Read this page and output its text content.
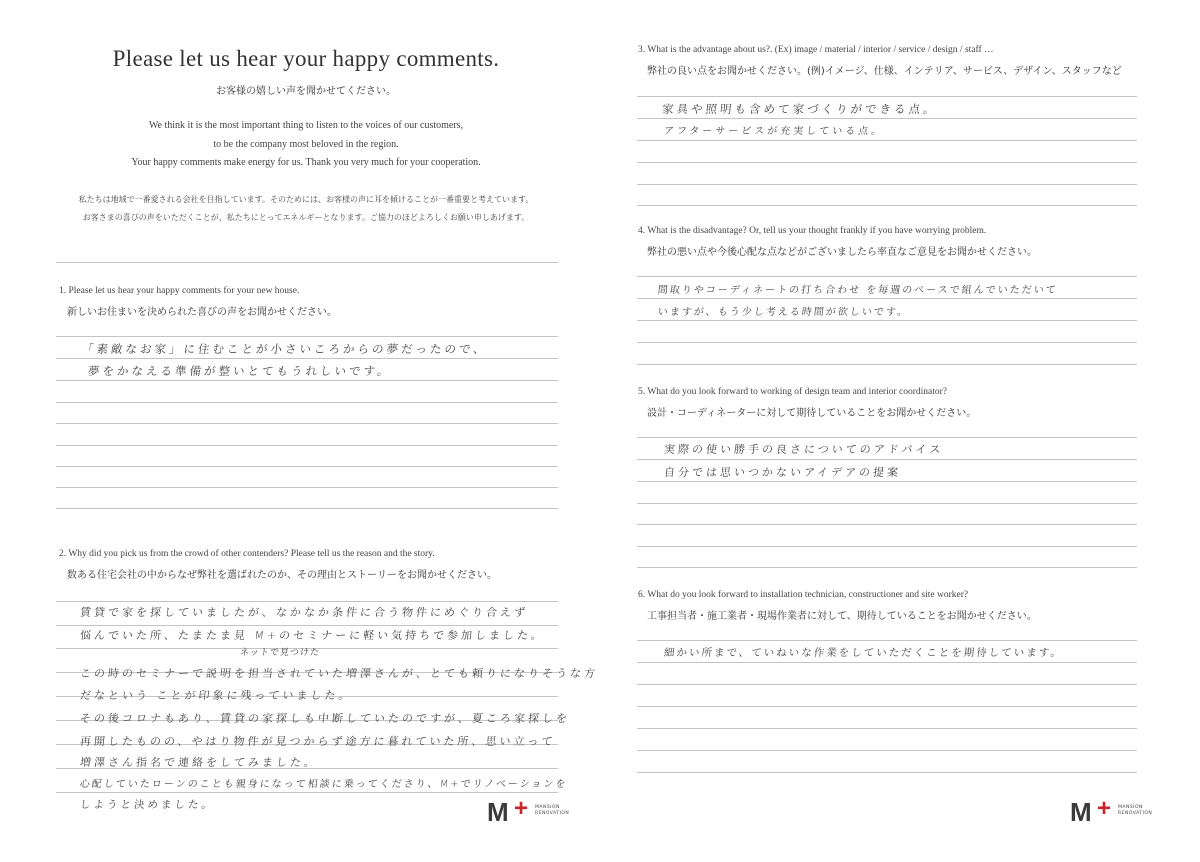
Please let us hear your happy comments.
お客様の嬉しい声を聞かせてください。
We think it is the most important thing to listen to the voices of our customers,
to be the company most beloved in the region.
Your happy comments make energy for us. Thank you very much for your cooperation.
私たちは地域で一番愛される会社を目指しています。そのためには、お客様の声に耳を傾けることが一番重要と考えています。
お客さまの喜びの声をいただくことが、私たちにとってエネルギーとなります。ご協力のほどよろしくお願い申しあげます。
1. Please let us hear your happy comments for your new house.
新しいお住まいを決められた喜びの声をお聞かせください。
「素敵なお家」に住むことが小さいころからの夢だったので、
夢をかなえる準備が整いとてもうれしいです。
2. Why did you pick us from the crowd of other contenders? Please tell us the reason and the story.
数ある住宅会社の中からなぜ弊社を選ばれたのか、その理由とストーリーをお聞かせください。
賃貸で家を探していましたが、なかなか条件に合う物件にめぐり合えず
悩んでいた所、たまたま見 M+のセミナーに軽い気持ちで参加しました。
ネットで見つけた
この時のセミナーで説明を担当されていた増澤さんが、とても頼りになりそうな方
だなという ことが印象に残っていました。
その後コロナもあり、賃貸の家探しも中断していたのですが、夏ころ家探しを
再開したものの、やはり物件が見つからず途方に暮れていた所、思い立って
増澤さん指名で連絡をしてみました。
心配していたローンのことも親身になって相談に乗ってくださり、M+でリノベーションを
しようと決めました。	M + MANSION
RENOVATION
3. What is the advantage about us?. (Ex) image / material / interior / service / design / staff …
弊社の良い点をお聞かせください。(例)イメージ、仕様、インテリア、サービス、デザイン、スタッフなど
家具や照明も含めて家づくりができる点。
アフターサービスが充実している点。
4. What is the disadvantage? Or, tell us your thought frankly if you have worrying problem.
弊社の悪い点や今後心配な点などがございましたら率直なご意見をお聞かせください。
間取りやコーディネートの打ち合わせ を毎週のペースで組んでいただいて
いますが、もう少し考える時間が欲しいです。
5. What do you look forward to working of design team and interior coordinator?
設計・コーディネーターに対して期待していることをお聞かせください。
実際の使い勝手の良さについてのアドバイス
自分では思いつかないアイデアの提案
6. What do you look forward to installation technician, constructioner and site worker?
工事担当者・施工業者・現場作業者に対して、期待していることをお聞かせください。
細かい所まで、ていねいな作業をしていただくことを期待しています。
M + MANSION
RENOVATION
